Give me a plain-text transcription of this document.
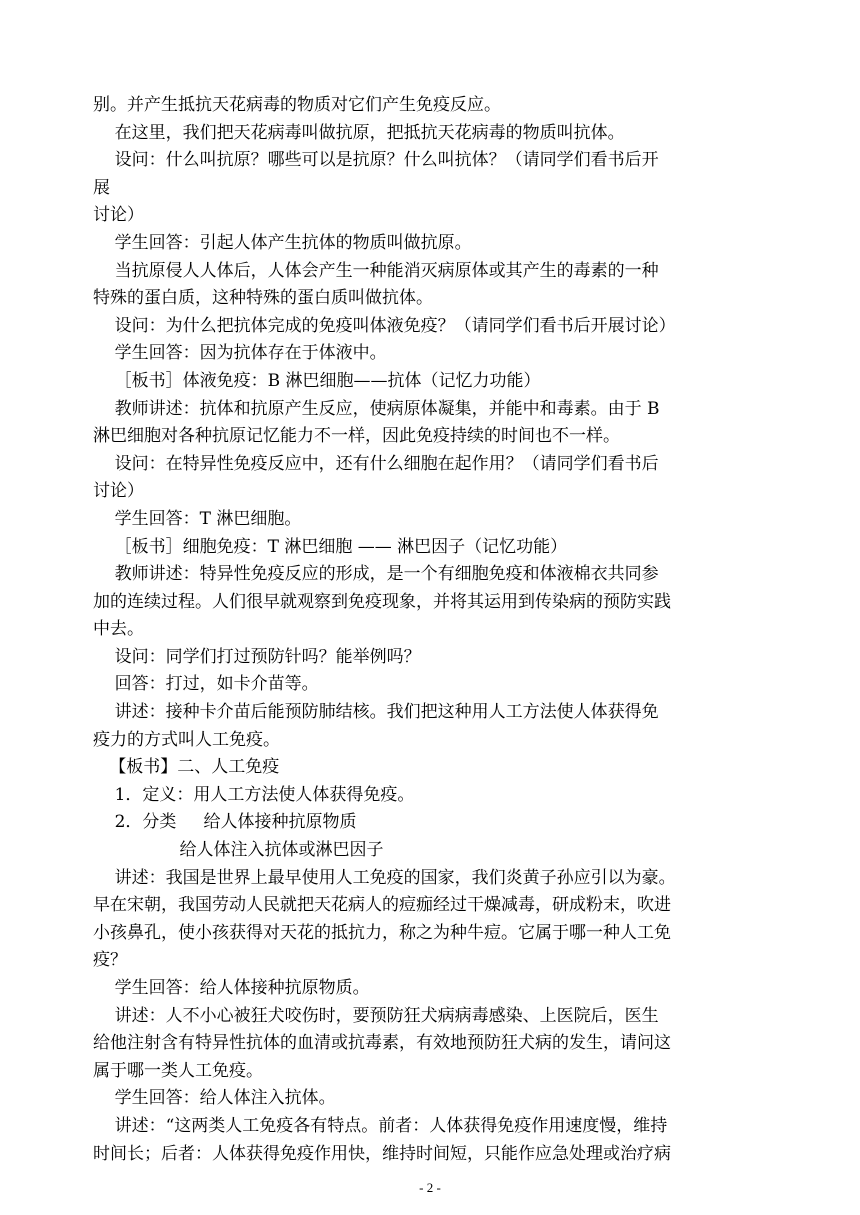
别。并产生抵抗天花病毒的物质对它们产生免疫反应。
在这里，我们把天花病毒叫做抗原，把抵抗天花病毒的物质叫抗体。
设问：什么叫抗原？哪些可以是抗原？什么叫抗体？（请同学们看书后开
展
讨论）
学生回答：引起人体产生抗体的物质叫做抗原。
当抗原侵人人体后，人体会产生一种能消灭病原体或其产生的毒素的一种
特殊的蛋白质，这种特殊的蛋白质叫做抗体。
设问：为什么把抗体完成的免疫叫体液免疫？（请同学们看书后开展讨论）
学生回答：因为抗体存在于体液中。
［板书］体液免疫：B 淋巴细胞——抗体（记忆力功能）
教师讲述：抗体和抗原产生反应，使病原体凝集，并能中和毒素。由于 B
淋巴细胞对各种抗原记忆能力不一样，因此免疫持续的时间也不一样。
设问：在特异性免疫反应中，还有什么细胞在起作用？（请同学们看书后
讨论）
学生回答：T 淋巴细胞。
［板书］细胞免疫：T 淋巴细胞 —— 淋巴因子（记忆功能）
教师讲述：特异性免疫反应的形成，是一个有细胞免疫和体液棉衣共同参
加的连续过程。人们很早就观察到免疫现象，并将其运用到传染病的预防实践
中去。
设问：同学们打过预防针吗？能举例吗？
回答：打过，如卡介苗等。
讲述：接种卡介苗后能预防肺结核。我们把这种用人工方法使人体获得免
疫力的方式叫人工免疫。
【板书】二、人工免疫
1．定义：用人工方法使人体获得免疫。
2．分类     给人体接种抗原物质
给人体注入抗体或淋巴因子
讲述：我国是世界上最早使用人工免疫的国家，我们炎黄子孙应引以为豪。
早在宋朝，我国劳动人民就把天花病人的痘痂经过干燥减毒，研成粉末，吹进
小孩鼻孔，使小孩获得对天花的抵抗力，称之为种牛痘。它属于哪一种人工免
疫？
学生回答：给人体接种抗原物质。
讲述：人不小心被狂犬咬伤时，要预防狂犬病病毒感染、上医院后，医生
给他注射含有特异性抗体的血清或抗毒素，有效地预防狂犬病的发生，请问这
属于哪一类人工免疫。
学生回答：给人体注入抗体。
讲述：“这两类人工免疫各有特点。前者：人体获得免疫作用速度慢，维持
时间长；后者：人体获得免疫作用快，维持时间短，只能作应急处理或治疗病
- 2 -
